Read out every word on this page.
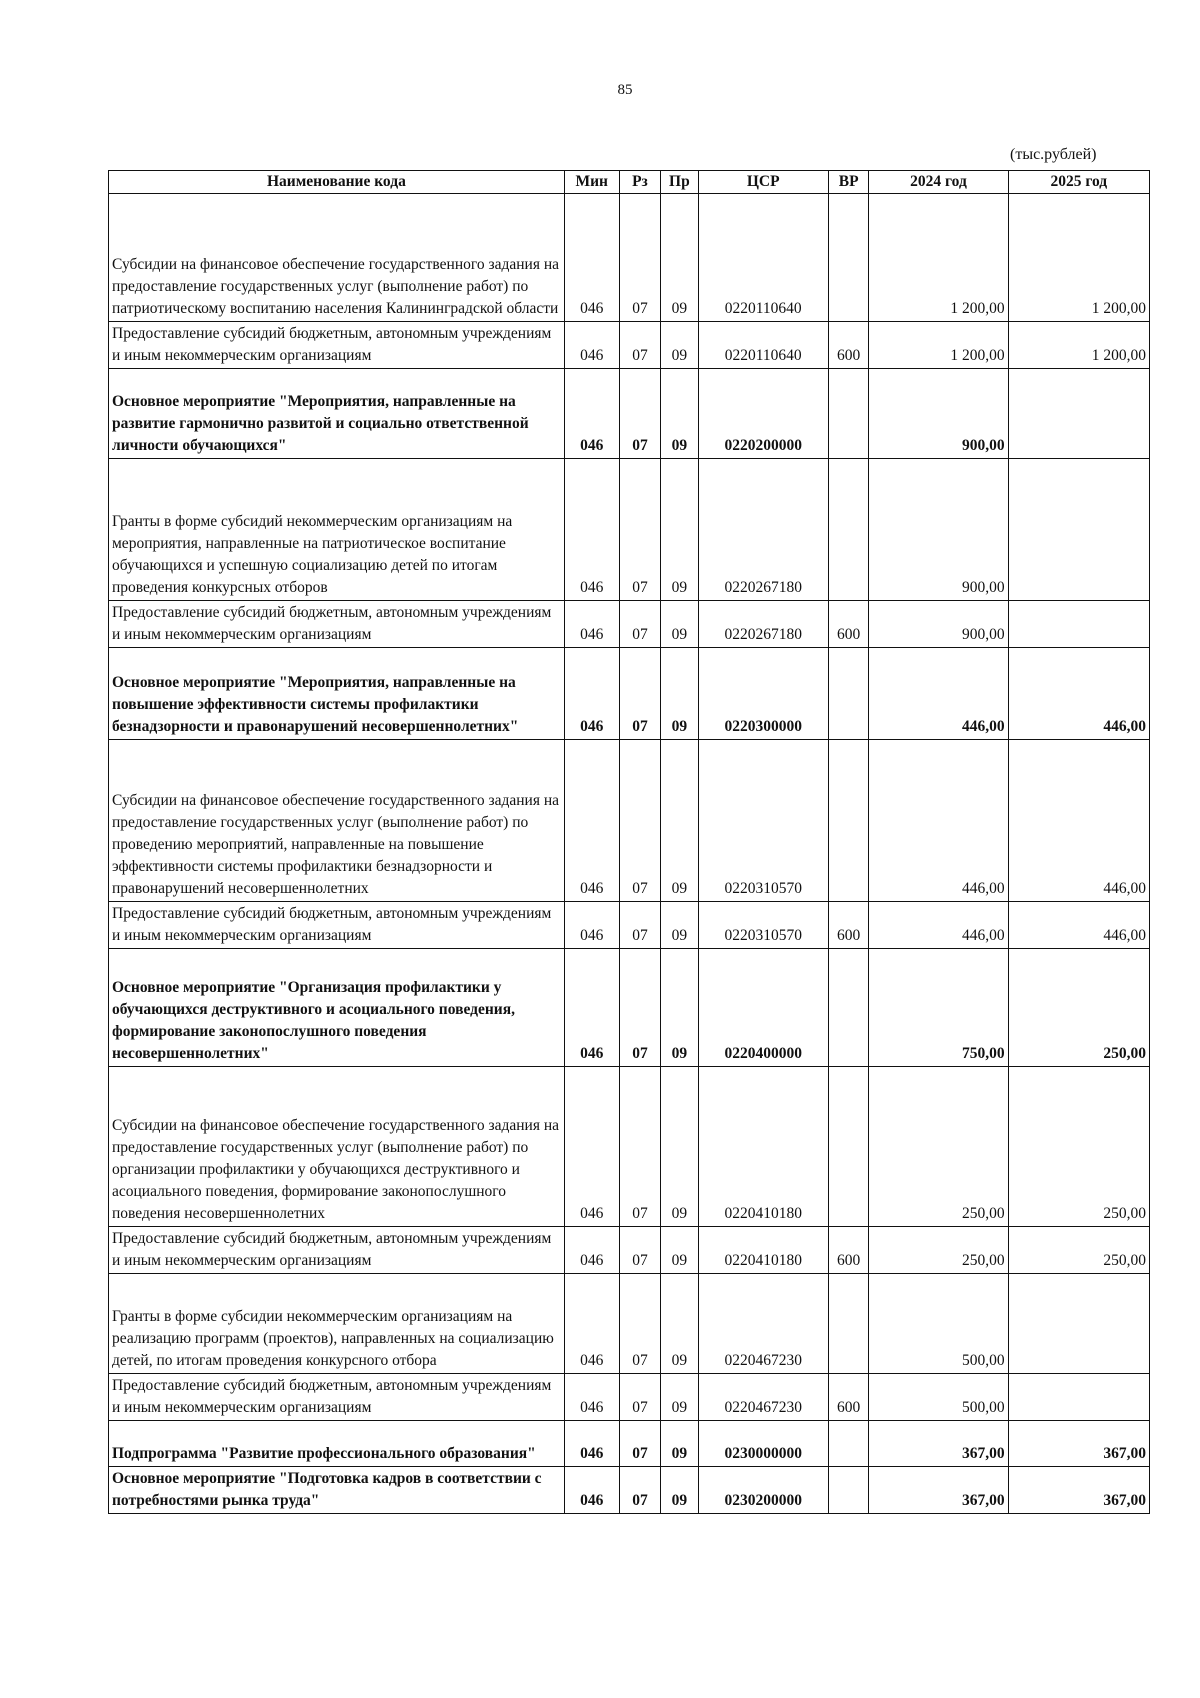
85
(тыс.рублей)
Наименование кода	Мин	Рз	Пр	ЦСР	ВР	2024 год	2025 год
Субсидии на финансовое обеспечение государственного задания на предоставление государственных услуг (выполнение работ) по патриотическому воспитанию населения Калининградской области	046	07	09	0220110640		1 200,00	1 200,00
Предоставление субсидий бюджетным, автономным учреждениям и иным некоммерческим организациям	046	07	09	0220110640	600	1 200,00	1 200,00
Основное мероприятие "Мероприятия, направленные на развитие гармонично развитой и социально ответственной личности обучающихся"	046	07	09	0220200000		900,00	
Гранты в форме субсидий некоммерческим организациям на мероприятия, направленные на патриотическое воспитание обучающихся и успешную социализацию детей по итогам проведения конкурсных отборов	046	07	09	0220267180		900,00	
Предоставление субсидий бюджетным, автономным учреждениям и иным некоммерческим организациям	046	07	09	0220267180	600	900,00	
Основное мероприятие "Мероприятия, направленные на повышение эффективности системы профилактики безнадзорности и правонарушений несовершеннолетних"	046	07	09	0220300000		446,00	446,00
Субсидии на финансовое обеспечение государственного задания на предоставление государственных услуг (выполнение работ) по проведению мероприятий, направленные на повышение эффективности системы профилактики безнадзорности и правонарушений несовершеннолетних	046	07	09	0220310570		446,00	446,00
Предоставление субсидий бюджетным, автономным учреждениям и иным некоммерческим организациям	046	07	09	0220310570	600	446,00	446,00
Основное мероприятие "Организация профилактики у обучающихся деструктивного и асоциального поведения, формирование законопослушного поведения несовершеннолетних"	046	07	09	0220400000		750,00	250,00
Субсидии на финансовое обеспечение государственного задания на предоставление государственных услуг (выполнение работ) по организации профилактики у обучающихся деструктивного и асоциального поведения, формирование законопослушного поведения несовершеннолетних	046	07	09	0220410180		250,00	250,00
Предоставление субсидий бюджетным, автономным учреждениям и иным некоммерческим организациям	046	07	09	0220410180	600	250,00	250,00
Гранты в форме субсидии некоммерческим организациям на реализацию программ (проектов), направленных на социализацию детей, по итогам проведения конкурсного отбора	046	07	09	0220467230		500,00	
Предоставление субсидий бюджетным, автономным учреждениям и иным некоммерческим организациям	046	07	09	0220467230	600	500,00	
Подпрограмма "Развитие профессионального образования"	046	07	09	0230000000		367,00	367,00
Основное мероприятие "Подготовка кадров в соответствии с потребностями рынка труда"	046	07	09	0230200000		367,00	367,00
